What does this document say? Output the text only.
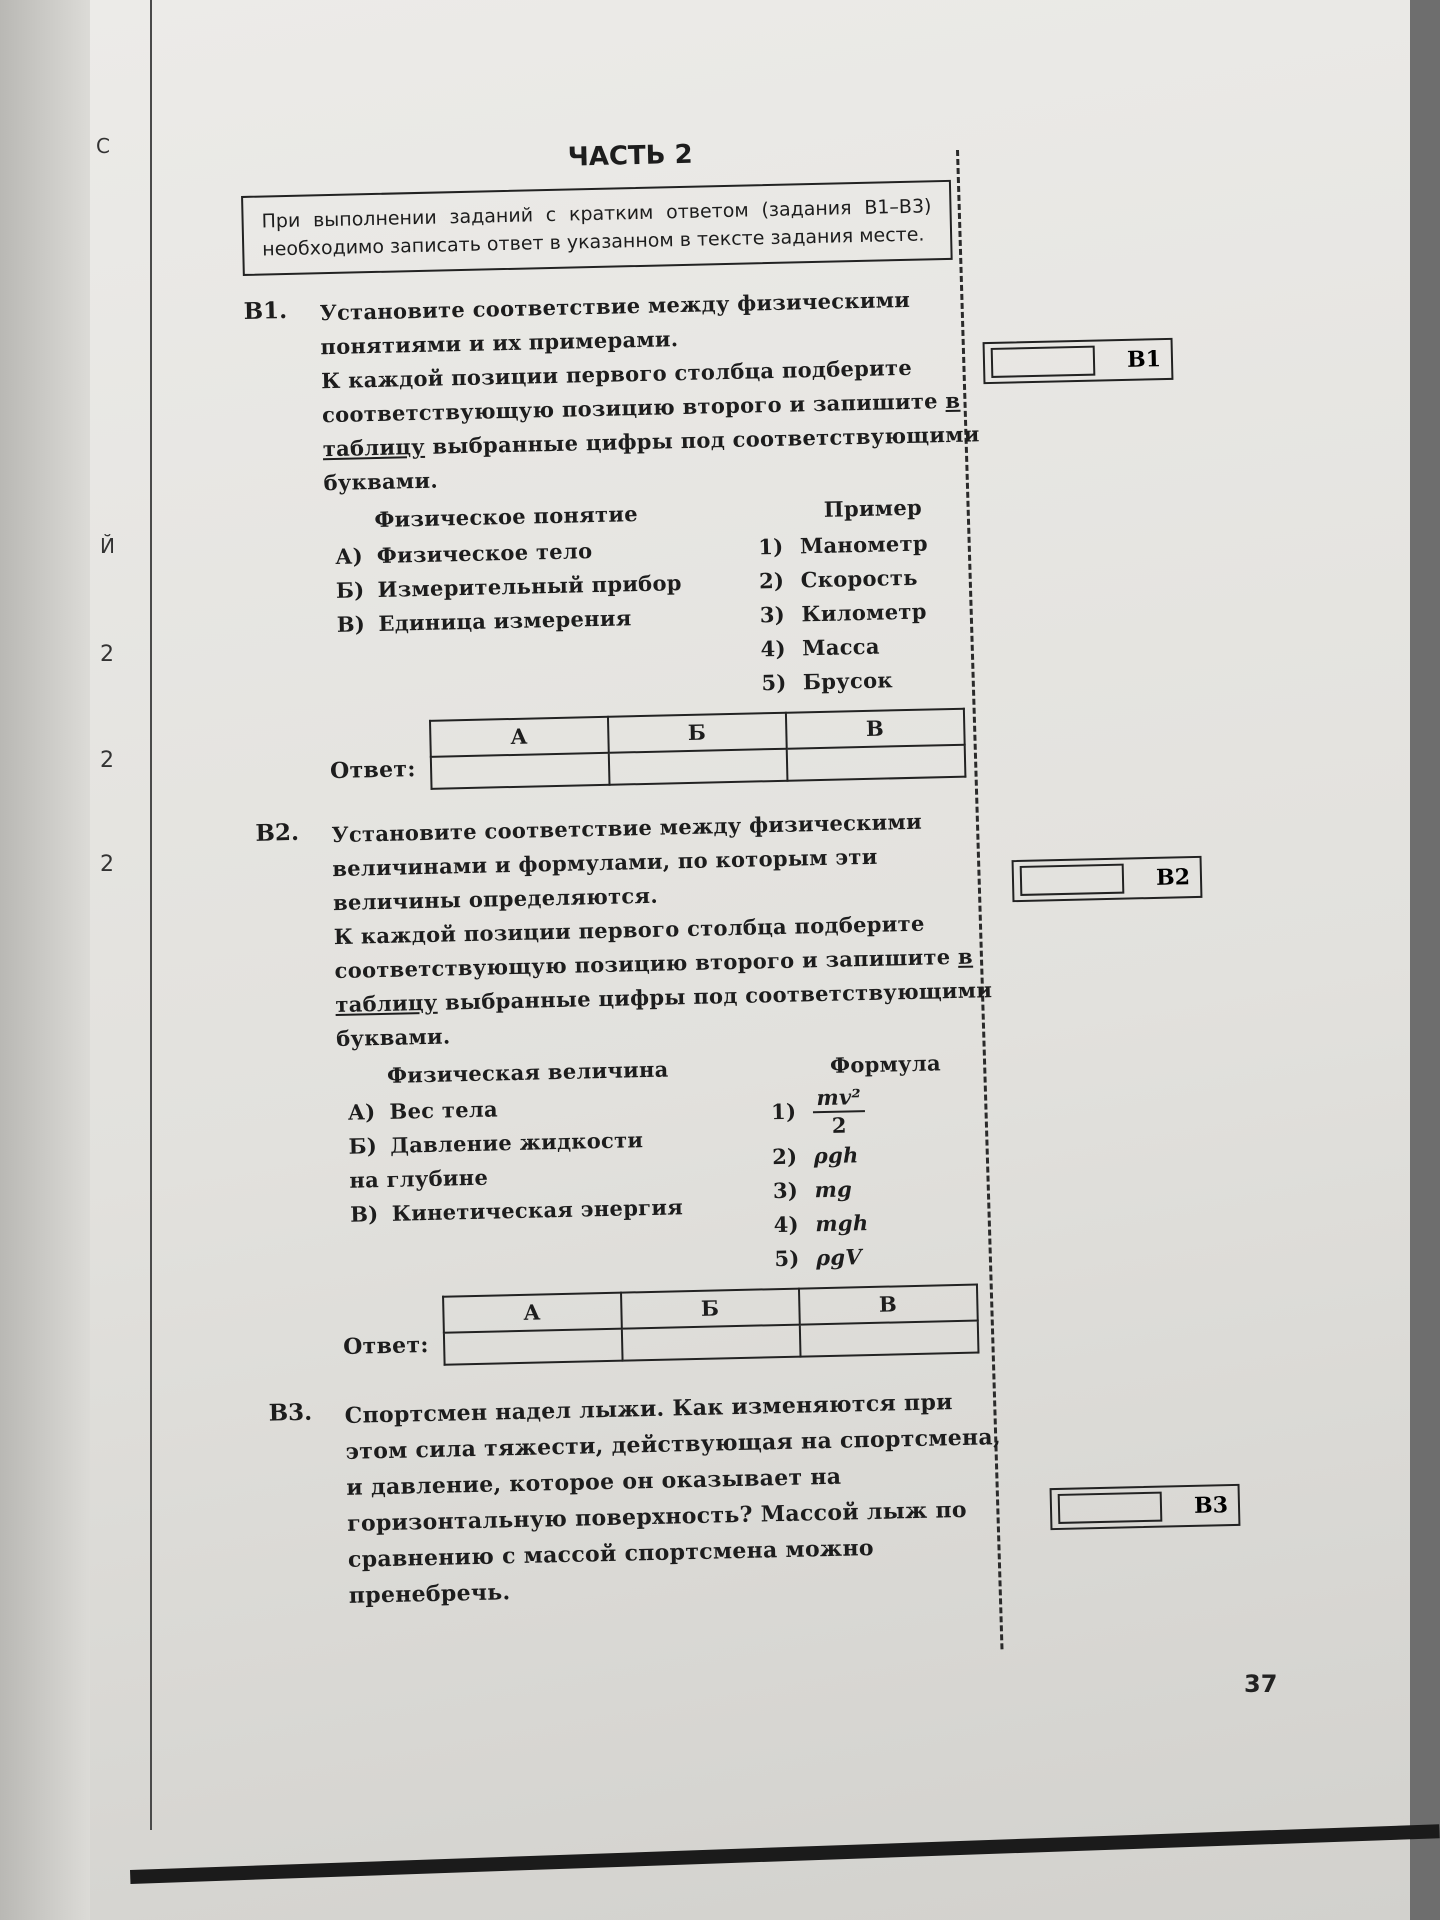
С
Й
2
2
2
ЧАСТЬ 2
При выполнении заданий с кратким ответом (задания В1–В3) необходимо записать ответ в указанном в тексте задания месте.
В1. Установите соответствие между физическими понятиями и их примерами.

К каждой позиции первого столбца подберите соответствующую позицию второго и запишите в таблицу выбранные цифры под соответствующими буквами.

Физическое понятие
А) Физическое тело
Б) Измерительный прибор
В) Единица измерения
Пример
1) Манометр
2) Скорость
3) Километр
4) Масса
5) Брусок
Ответ:
А	Б	В

В2. Установите соответствие между физическими величинами и формулами, по которым эти величины определяются.

К каждой позиции первого столбца подберите соответствующую позицию второго и запишите в таблицу выбранные цифры под соответствующими буквами.

Физическая величина
А) Вес тела
Б) Давление жидкости на глубине
В) Кинетическая энергия
Формула
$1) \frac{\text{mv²}}{2}$
2) ρgh
3) mg
4) mgh
5) ρgV
Ответ:
А	Б	В

В3. Спортсмен надел лыжи. Как изменяются при этом сила тяжести, действующая на спортсмена, и давление, которое он оказывает на горизонтальную поверхность? Массой лыж по сравнению с массой спортсмена можно пренебречь.

В1
В2
В3
37
